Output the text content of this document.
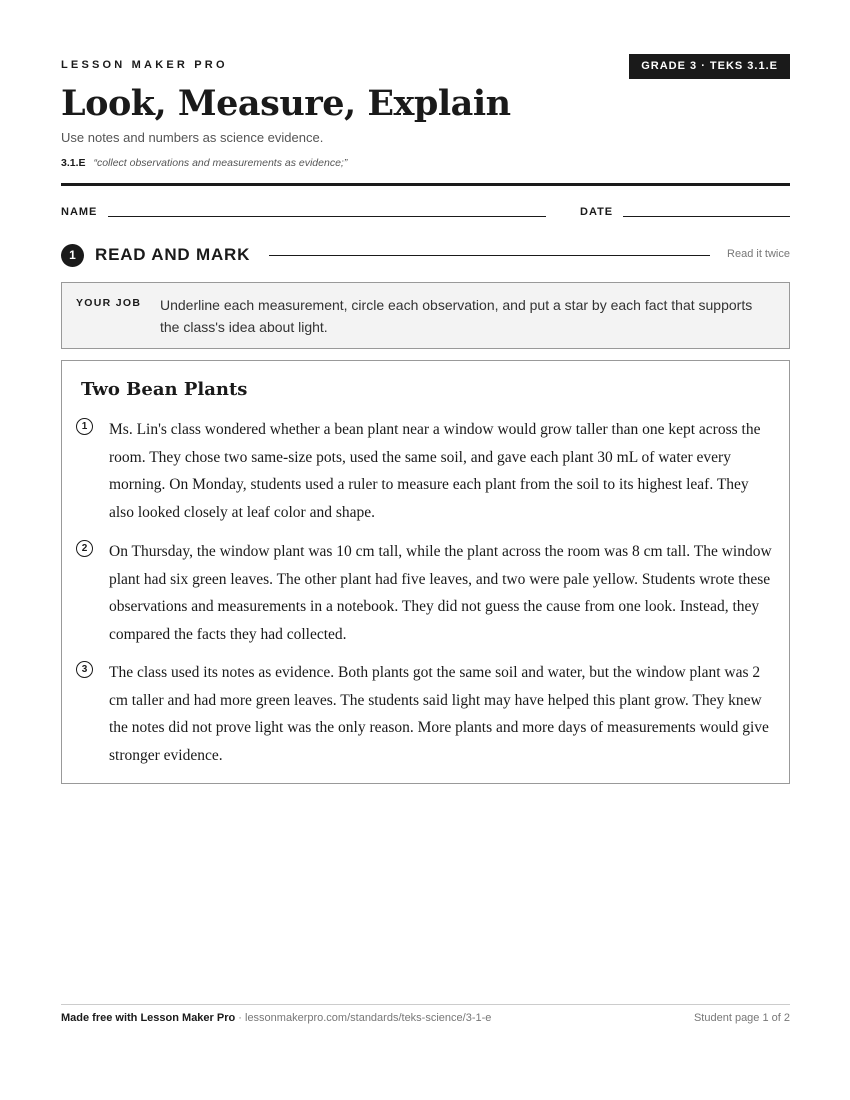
LESSON MAKER PRO	GRADE 3 · TEKS 3.1.E
Look, Measure, Explain
Use notes and numbers as science evidence.
3.1.E “collect observations and measurements as evidence;”
NAME	DATE
1	READ AND MARK	Read it twice
YOUR JOB Underline each measurement, circle each observation, and put a star by each fact that supports the class's idea about light.
Two Bean Plants
1	Ms. Lin's class wondered whether a bean plant near a window would grow taller than one kept across the room. They chose two same-size pots, used the same soil, and gave each plant 30 mL of water every morning. On Monday, students used a ruler to measure each plant from the soil to its highest leaf. They also looked closely at leaf color and shape.

2	On Thursday, the window plant was 10 cm tall, while the plant across the room was 8 cm tall. The window plant had six green leaves. The other plant had five leaves, and two were pale yellow. Students wrote these observations and measurements in a notebook. They did not guess the cause from one look. Instead, they compared the facts they had collected.

3	The class used its notes as evidence. Both plants got the same soil and water, but the window plant was 2 cm taller and had more green leaves. The students said light may have helped this plant grow. They knew the notes did not prove light was the only reason. More plants and more days of measurements would give stronger evidence.

Made free with Lesson Maker Pro · lessonmakerpro.com/standards/teks-science/3-1-e	Student page 1 of 2
